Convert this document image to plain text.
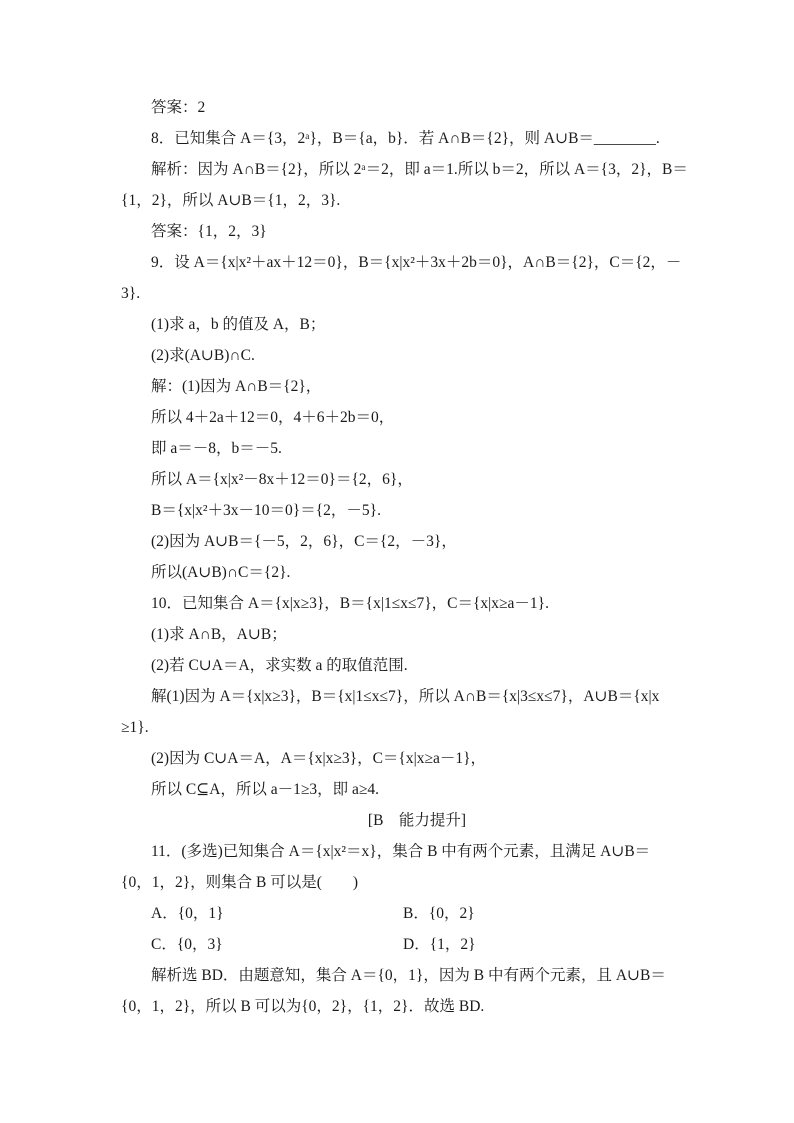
答案：2
8．已知集合 A＝{3，2ᵃ}，B＝{a，b}．若 A∩B＝{2}，则 A∪B＝________.
解析：因为 A∩B＝{2}，所以 2ᵃ＝2，即 a＝1.所以 b＝2，所以 A＝{3，2}，B＝
{1，2}，所以 A∪B＝{1，2，3}.
答案：{1，2，3}
9．设 A＝{x|x²＋ax＋12＝0}，B＝{x|x²＋3x＋2b＝0}，A∩B＝{2}，C＝{2，－
3}.
(1)求 a，b 的值及 A，B；
(2)求(A∪B)∩C.
解：(1)因为 A∩B＝{2}，
所以 4＋2a＋12＝0，4＋6＋2b＝0，
即 a＝－8，b＝－5.
所以 A＝{x|x²－8x＋12＝0}＝{2，6}，
B＝{x|x²＋3x－10＝0}＝{2，－5}.
(2)因为 A∪B＝{－5，2，6}，C＝{2，－3}，
所以(A∪B)∩C＝{2}.
10．已知集合 A＝{x|x≥3}，B＝{x|1≤x≤7}，C＝{x|x≥a－1}.
(1)求 A∩B，A∪B；
(2)若 C∪A＝A，求实数 a 的取值范围.
解(1)因为 A＝{x|x≥3}，B＝{x|1≤x≤7}，所以 A∩B＝{x|3≤x≤7}，A∪B＝{x|x
≥1}.
(2)因为 C∪A＝A，A＝{x|x≥3}，C＝{x|x≥a－1}，
所以 C⊆A，所以 a－1≥3，即 a≥4.
[B　能力提升]
11．(多选)已知集合 A＝{x|x²＝x}，集合 B 中有两个元素，且满足 A∪B＝
{0，1，2}，则集合 B 可以是(　　)
A．{0，1}	B．{0，2}
C．{0，3}	D．{1，2}
解析选 BD．由题意知，集合 A＝{0，1}，因为 B 中有两个元素，且 A∪B＝
{0，1，2}，所以 B 可以为{0，2}，{1，2}．故选 BD.
